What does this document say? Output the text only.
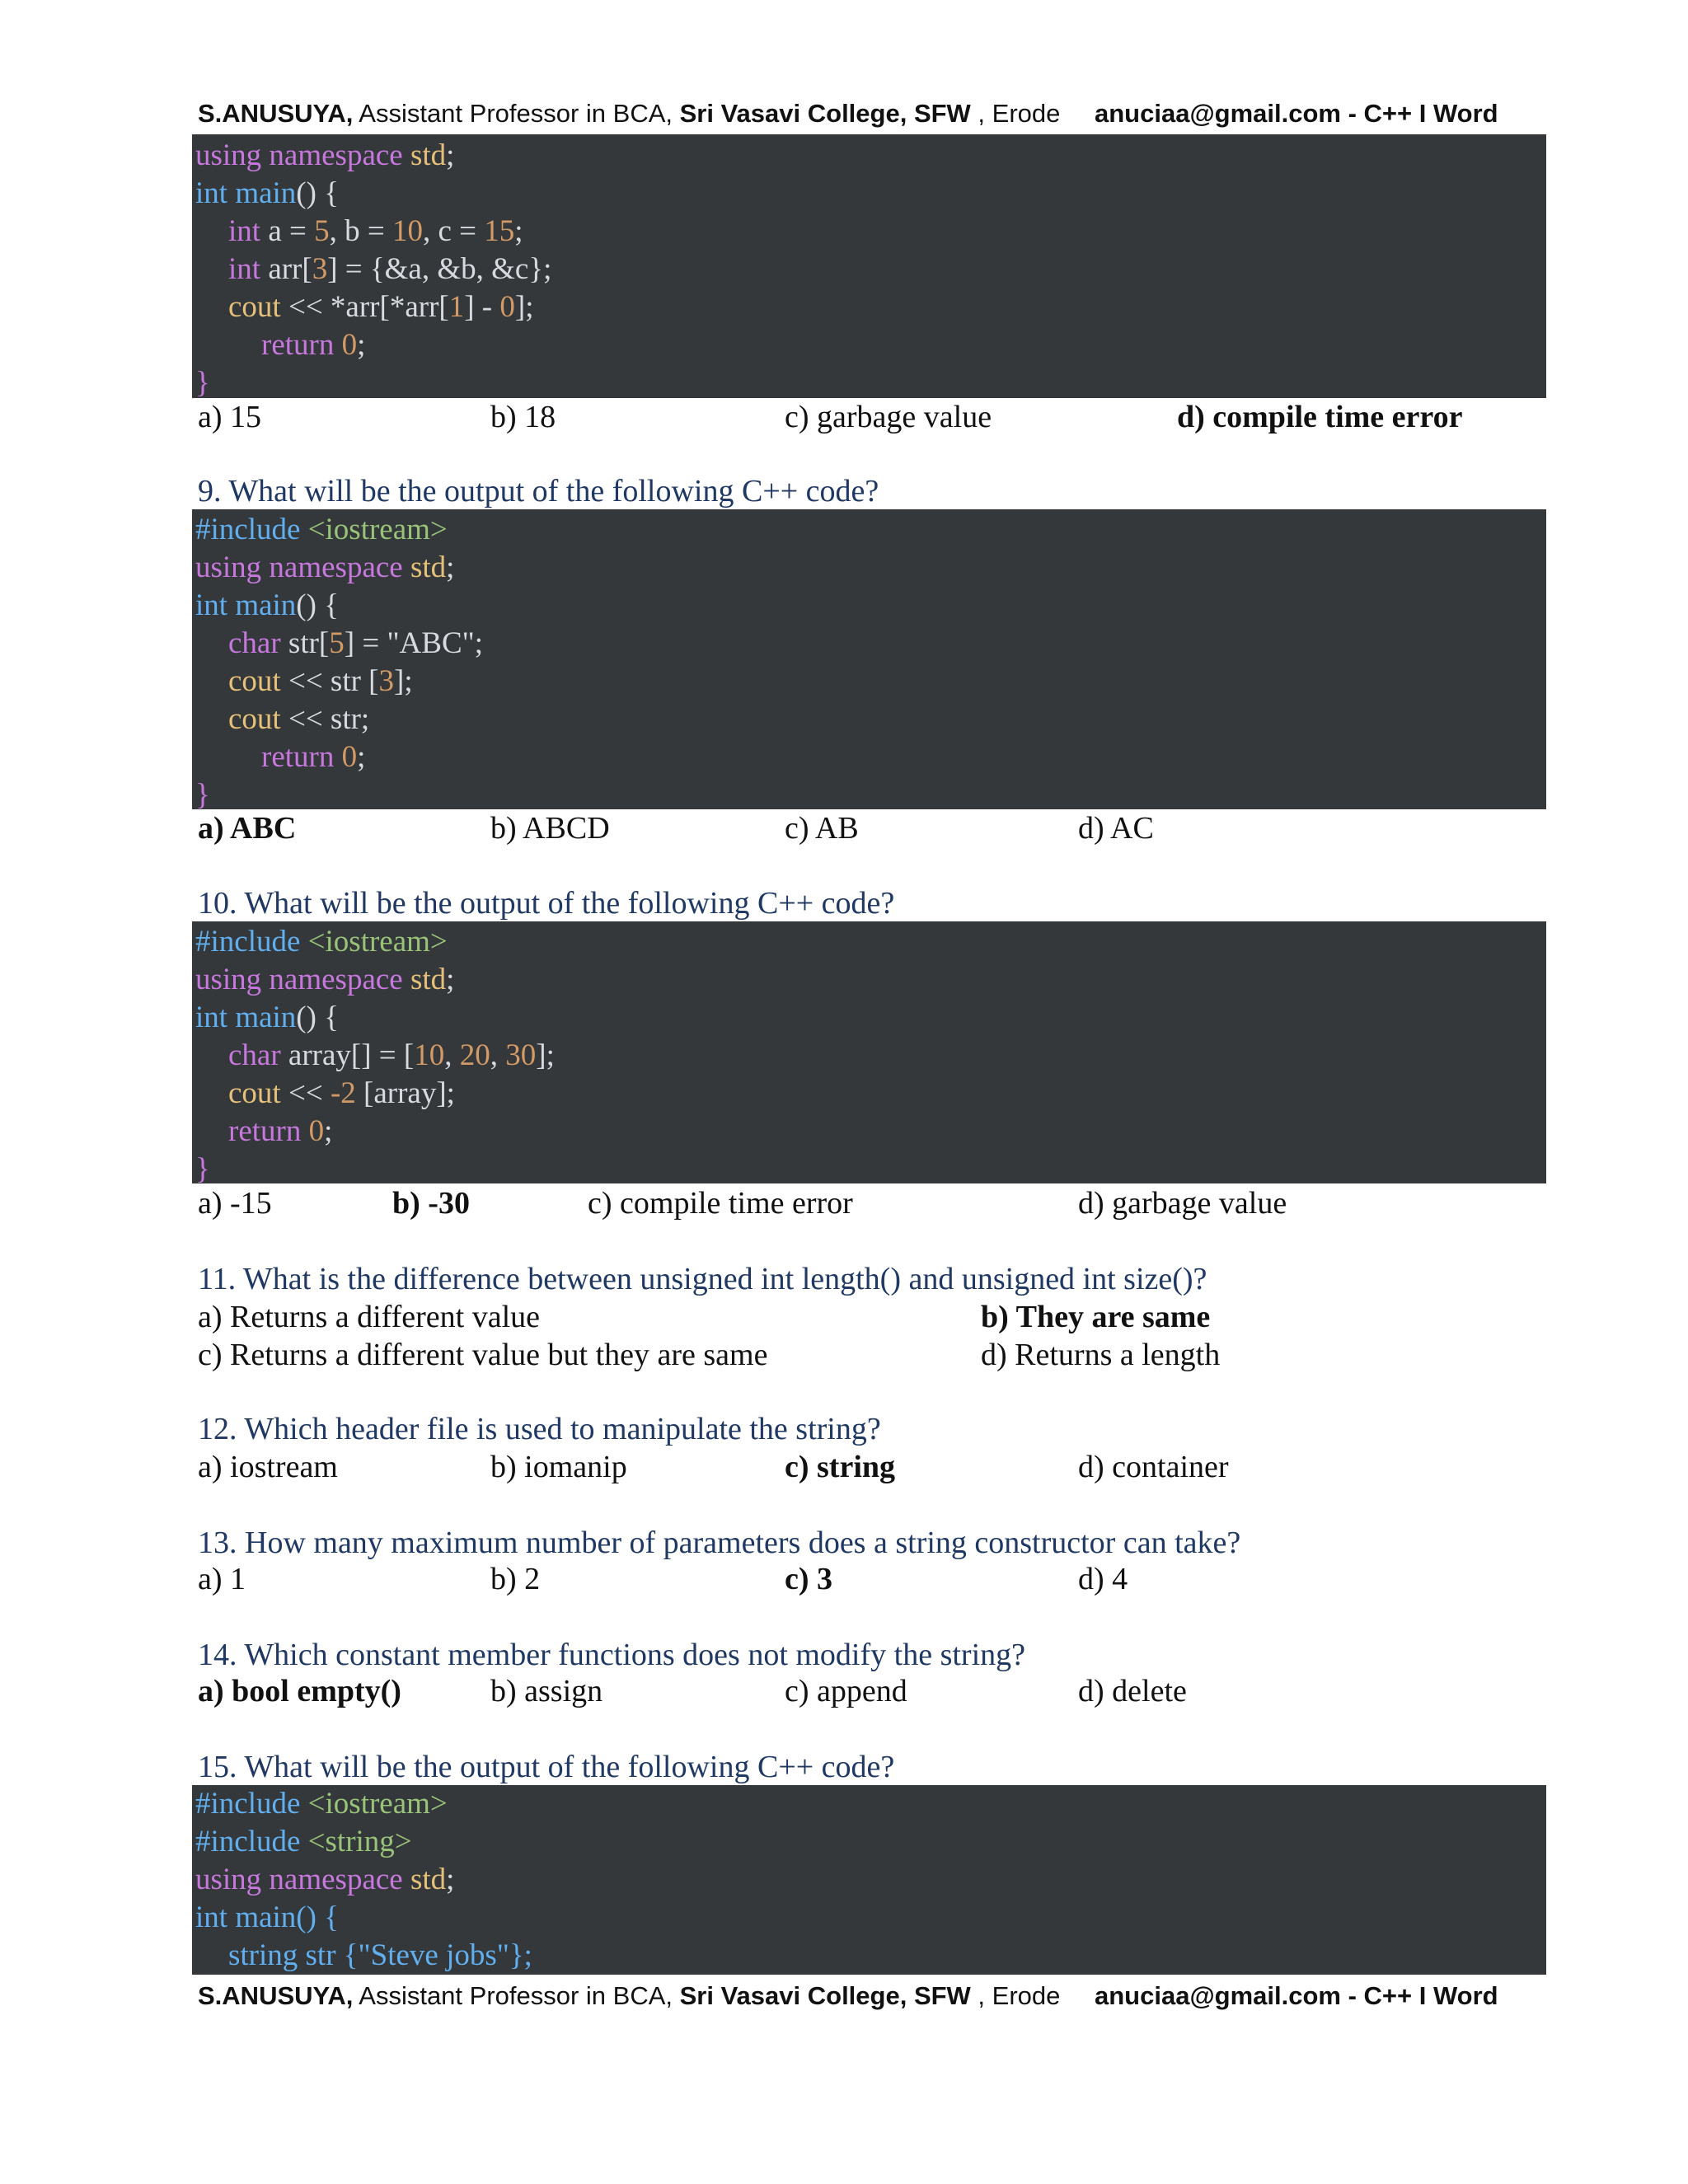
S.ANUSUYA, Assistant Professor in BCA, Sri Vasavi College, SFW , Erode anuciaa@gmail.com - C++ I Word
using namespace std;
int main() {
int a = 5, b = 10, c = 15;
int arr[3] = {&a, &b, &c};
cout << *arr[*arr[1] - 0];
return 0;
}
a) 15	b) 18	c) garbage value	d) compile time error
9. What will be the output of the following C++ code?
#include <iostream>
using namespace std;
int main() {
char str[5] = "ABC";
cout << str [3];
cout << str;
return 0;
}
a) ABC	b) ABCD	c) AB	d) AC
10. What will be the output of the following C++ code?
#include <iostream>
using namespace std;
int main() {
char array[] = [10, 20, 30];
cout << -2 [array];
return 0;
}
a) -15	b) -30	c) compile time error	d) garbage value
11. What is the difference between unsigned int length() and unsigned int size()?
a) Returns a different value	b) They are same
c) Returns a different value but they are same	d) Returns a length
12. Which header file is used to manipulate the string?
a) iostream	b) iomanip	c) string	d) container
13. How many maximum number of parameters does a string constructor can take?
a) 1	b) 2	c) 3	d) 4
14. Which constant member functions does not modify the string?
a) bool empty()	b) assign	c) append	d) delete
15. What will be the output of the following C++ code?
#include <iostream>
#include <string>
using namespace std;
int main() {
string str {"Steve jobs"};
S.ANUSUYA, Assistant Professor in BCA, Sri Vasavi College, SFW , Erode anuciaa@gmail.com - C++ I Word
